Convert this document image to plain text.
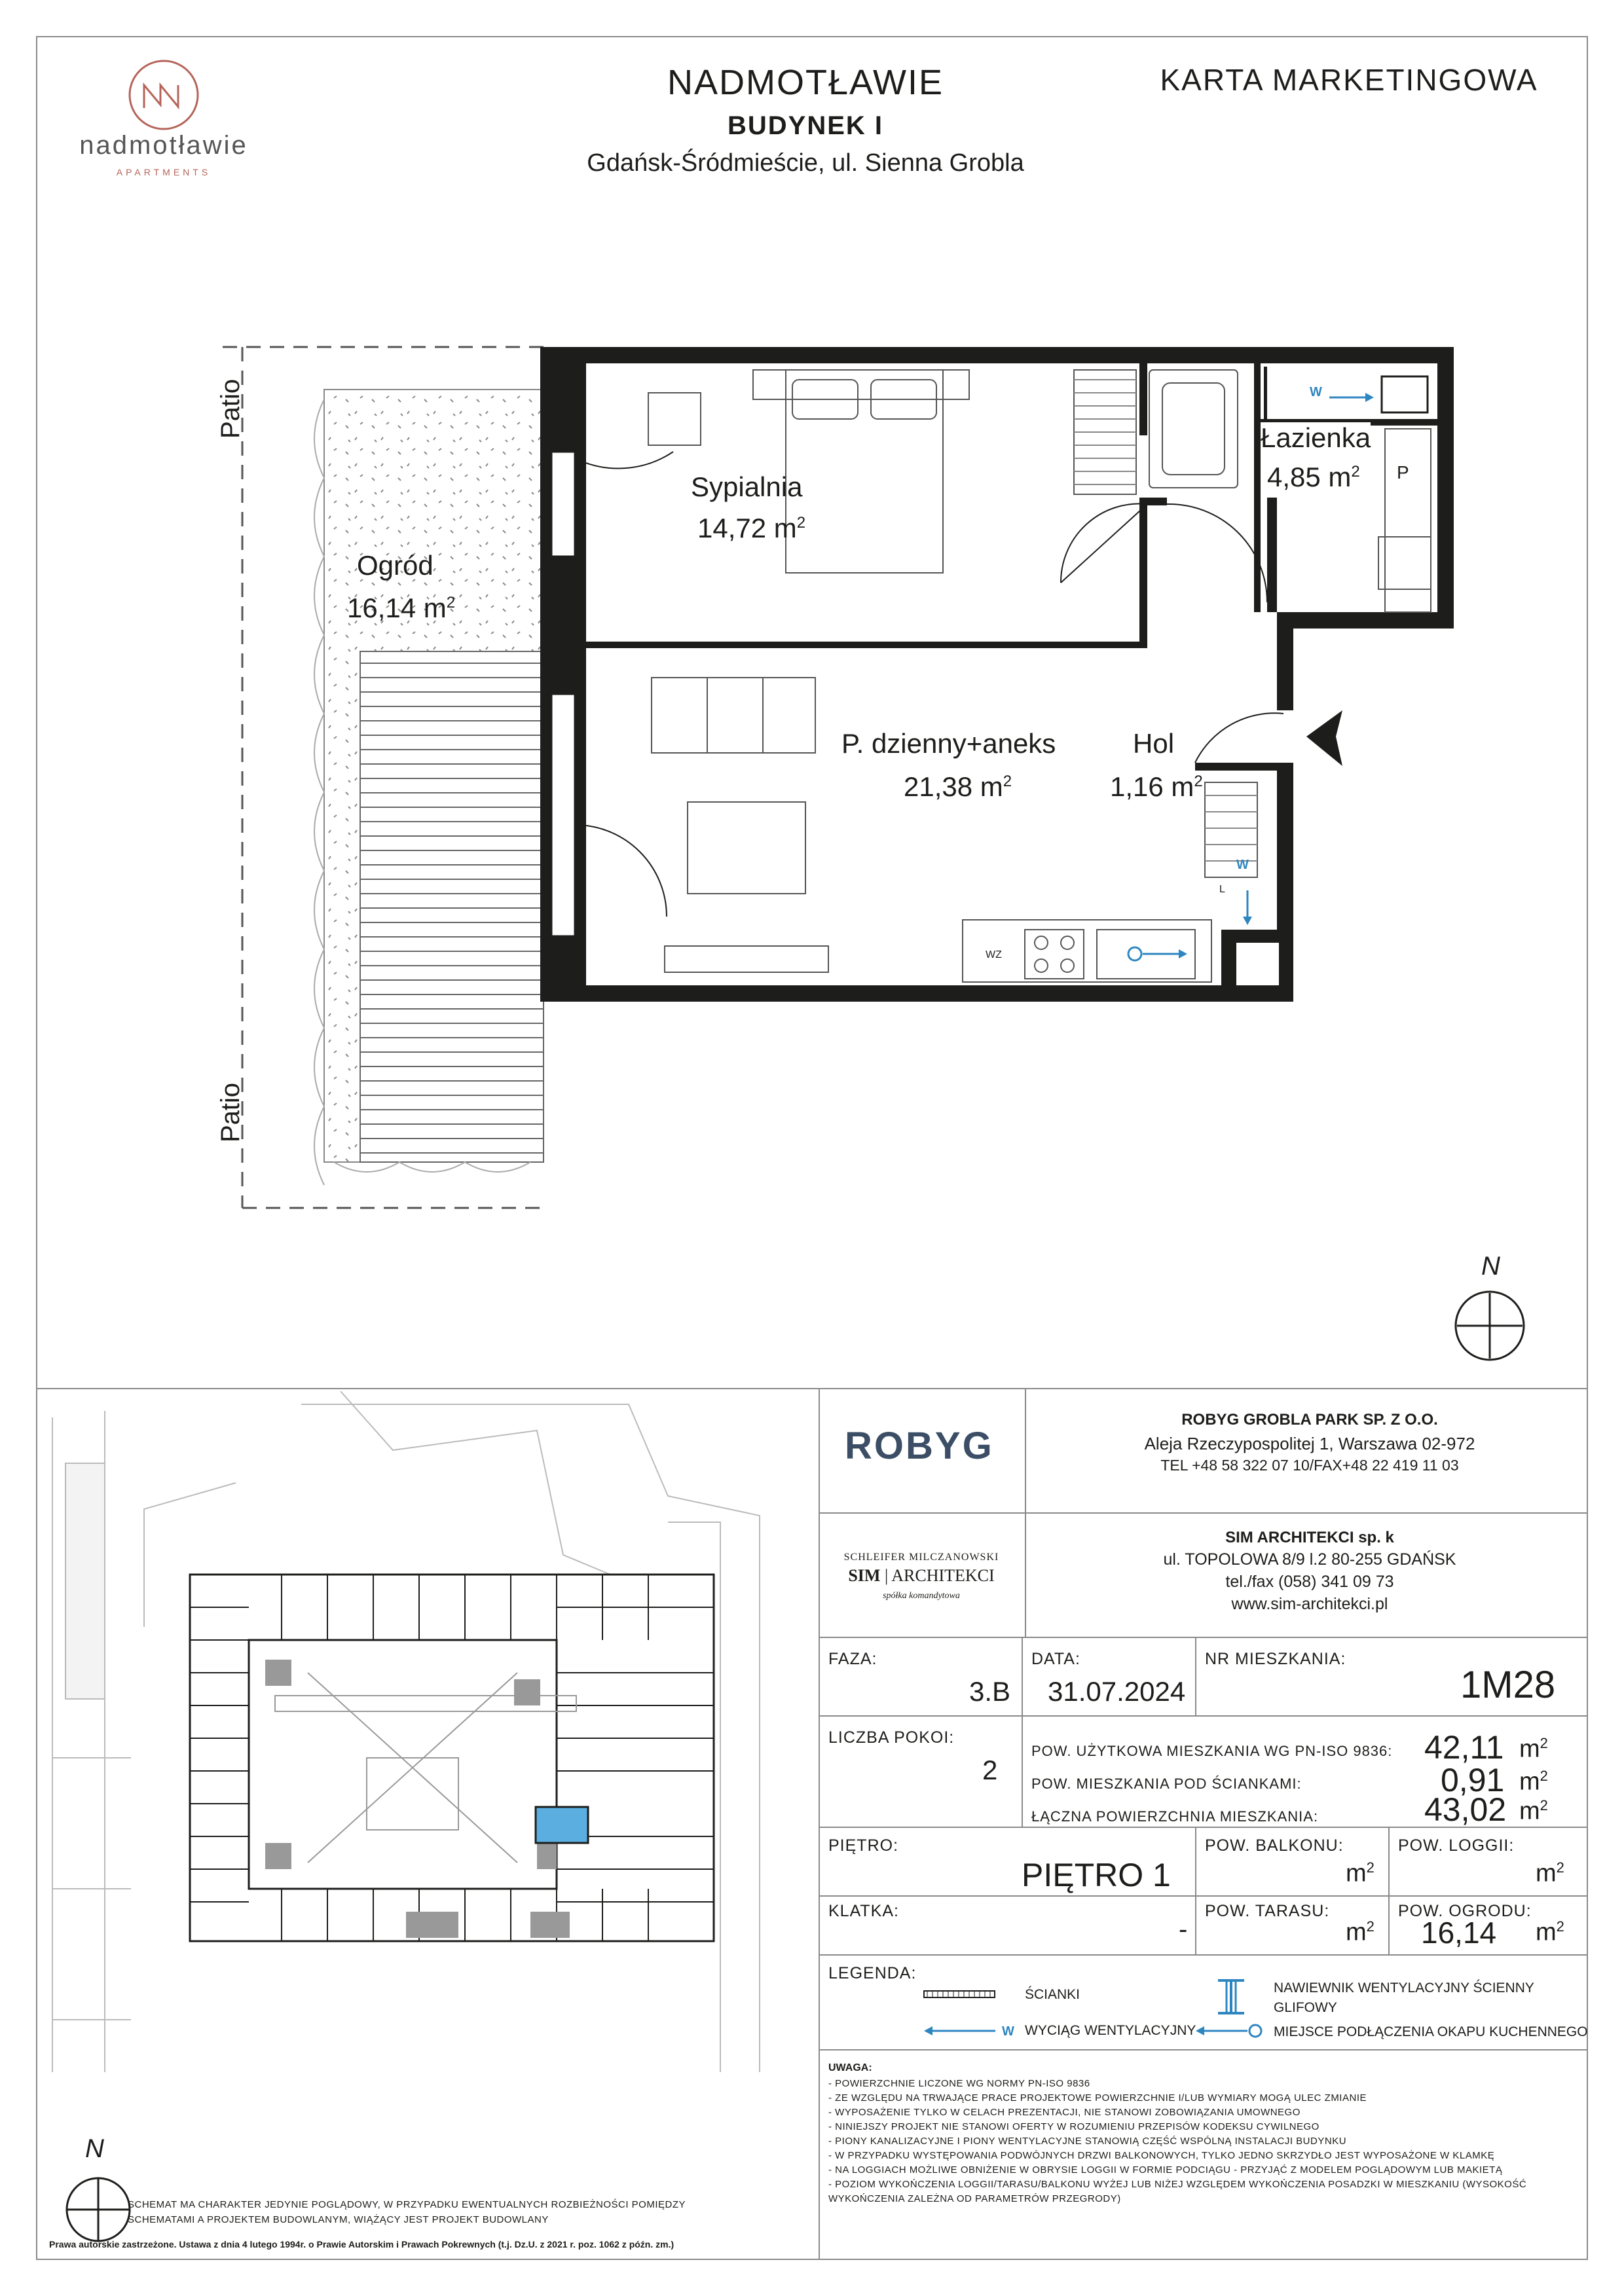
nadmotławie
APARTMENTS
NADMOTŁAWIE
BUDYNEK I
Gdańsk-Śródmieście, ul. Sienna Grobla
KARTA MARKETINGOWA
Patio
Patio
Ogród
16,14 $m^2$
Sypialnia
14,72 $m^2$
Łazienka
4,85 $m^2$
P. dzienny+aneks
21,38 $m^2$
Hol
1,16 $m^2$
W
W
P
L
WZ
N
N
SCHEMAT MA CHARAKTER JEDYNIE POGLĄDOWY, W PRZYPADKU EWENTUALNYCH ROZBIEŻNOŚCI POMIĘDZY
SCHEMATAMI A PROJEKTEM BUDOWLANYM, WIĄŻĄCY JEST PROJEKT BUDOWLANY
Prawa autorskie zastrzeżone. Ustawa z dnia 4 lutego 1994r. o Prawie Autorskim i Prawach Pokrewnych (t.j. Dz.U. z 2021 r. poz. 1062 z późn. zm.)
ROBYG
ROBYG GROBLA PARK SP. Z O.O.
Aleja Rzeczypospolitej 1, Warszawa 02-972
TEL +48 58 322 07 10/FAX+48 22 419 11 03
SCHLEIFER MILCZANOWSKI
SIM | ARCHITEKCI
spółka komandytowa
SIM ARCHITEKCI sp. k
ul. TOPOLOWA 8/9 l.2 80-255 GDAŃSK
tel./fax (058) 341 09 73
www.sim-architekci.pl
FAZA:
3.B
DATA:
31.07.2024
NR MIESZKANIA:
1M28
LICZBA POKOI:
2
POW. UŻYTKOWA MIESZKANIA WG PN-ISO 9836: 42,11 $m^2$
POW. MIESZKANIA POD ŚCIANKAMI:	0,91 $m^2$
ŁĄCZNA POWIERZCHNIA MIESZKANIA:	43,02 $m^2$
PIĘTRO:
PIĘTRO 1
POW. BALKONU:
$m^2$
POW. LOGGII:
$m^2$
KLATKA:
-
POW. TARASU:
$m^2$
POW. OGRODU:
16,14 $m^2$
LEGENDA:
ŚCIANKI
W WYCIĄG WENTYLACYJNY
NAWIEWNIK WENTYLACYJNY ŚCIENNY
GLIFOWY
MIEJSCE PODŁĄCZENIA OKAPU KUCHENNEGO
UWAGA:
- POWIERZCHNIE LICZONE WG NORMY PN-ISO 9836
- ZE WZGLĘDU NA TRWAJĄCE PRACE PROJEKTOWE POWIERZCHNIE I/LUB WYMIARY MOGĄ ULEC ZMIANIE
- WYPOSAŻENIE TYLKO W CELACH PREZENTACJI, NIE STANOWI ZOBOWIĄZANIA UMOWNEGO
- NINIEJSZY PROJEKT NIE STANOWI OFERTY W ROZUMIENIU PRZEPISÓW KODEKSU CYWILNEGO
- PIONY KANALIZACYJNE I PIONY WENTYLACYJNE STANOWIĄ CZĘŚĆ WSPÓLNĄ INSTALACJI BUDYNKU
- W PRZYPADKU WYSTĘPOWANIA PODWÓJNYCH DRZWI BALKONOWYCH, TYLKO JEDNO SKRZYDŁO JEST WYPOSAŻONE W KLAMKĘ
- NA LOGGIACH MOŻLIWE OBNIŻENIE W OBRYSIE LOGGII W FORMIE PODCIĄGU - PRZYJĄĆ Z MODELEM POGLĄDOWYM LUB MAKIETĄ
- POZIOM WYKOŃCZENIA LOGGII/TARASU/BALKONU WYŻEJ LUB NIŻEJ WZGLĘDEM WYKOŃCZENIA POSADZKI W MIESZKANIU (WYSOKOŚĆ
WYKOŃCZENIA ZALEŻNA OD PARAMETRÓW PRZEGRODY)
